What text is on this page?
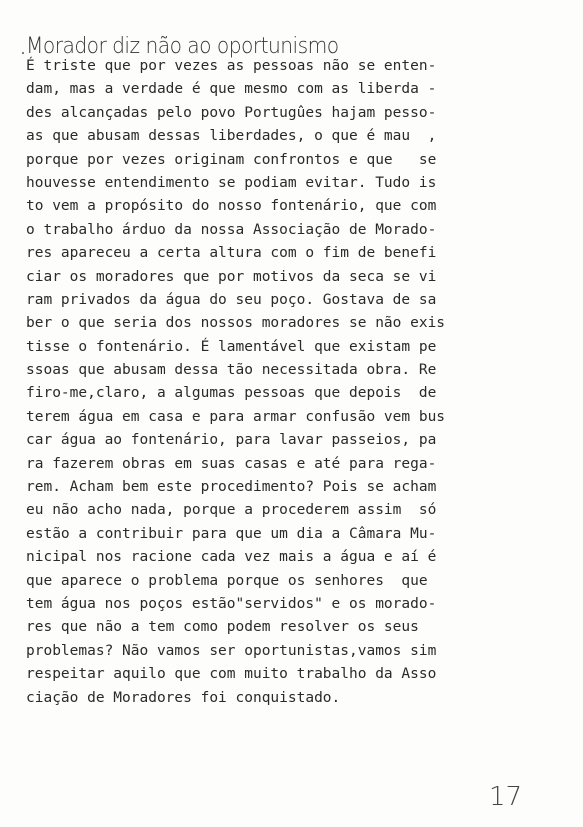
Morador diz não ao oportunismo
É triste que por vezes as pessoas não se enten-
dam, mas a verdade é que mesmo com as liberda -
des alcançadas pelo povo Portugûes hajam pesso-
as que abusam dessas liberdades, o que é mau  ,
porque por vezes originam confrontos e que   se
houvesse entendimento se podiam evitar. Tudo is
to vem a propósito do nosso fontenário, que com
o trabalho árduo da nossa Associação de Morado-
res apareceu a certa altura com o fim de benefi
ciar os moradores que por motivos da seca se vi
ram privados da água do seu poço. Gostava de sa
ber o que seria dos nossos moradores se não exis
tisse o fontenário. É lamentável que existam pe
ssoas que abusam dessa tão necessitada obra. Re
firo-me,claro, a algumas pessoas que depois  de
terem água em casa e para armar confusão vem bus
car água ao fontenário, para lavar passeios, pa
ra fazerem obras em suas casas e até para rega-
rem. Acham bem este procedimento? Pois se acham
eu não acho nada, porque a procederem assim  só
estão a contribuir para que um dia a Câmara Mu-
nicipal nos racione cada vez mais a água e aí é
que aparece o problema porque os senhores  que
tem água nos poços estão"servidos" e os morado-
res que não a tem como podem resolver os seus
problemas? Não vamos ser oportunistas,vamos sim
respeitar aquilo que com muito trabalho da Asso
ciação de Moradores foi conquistado.
17
